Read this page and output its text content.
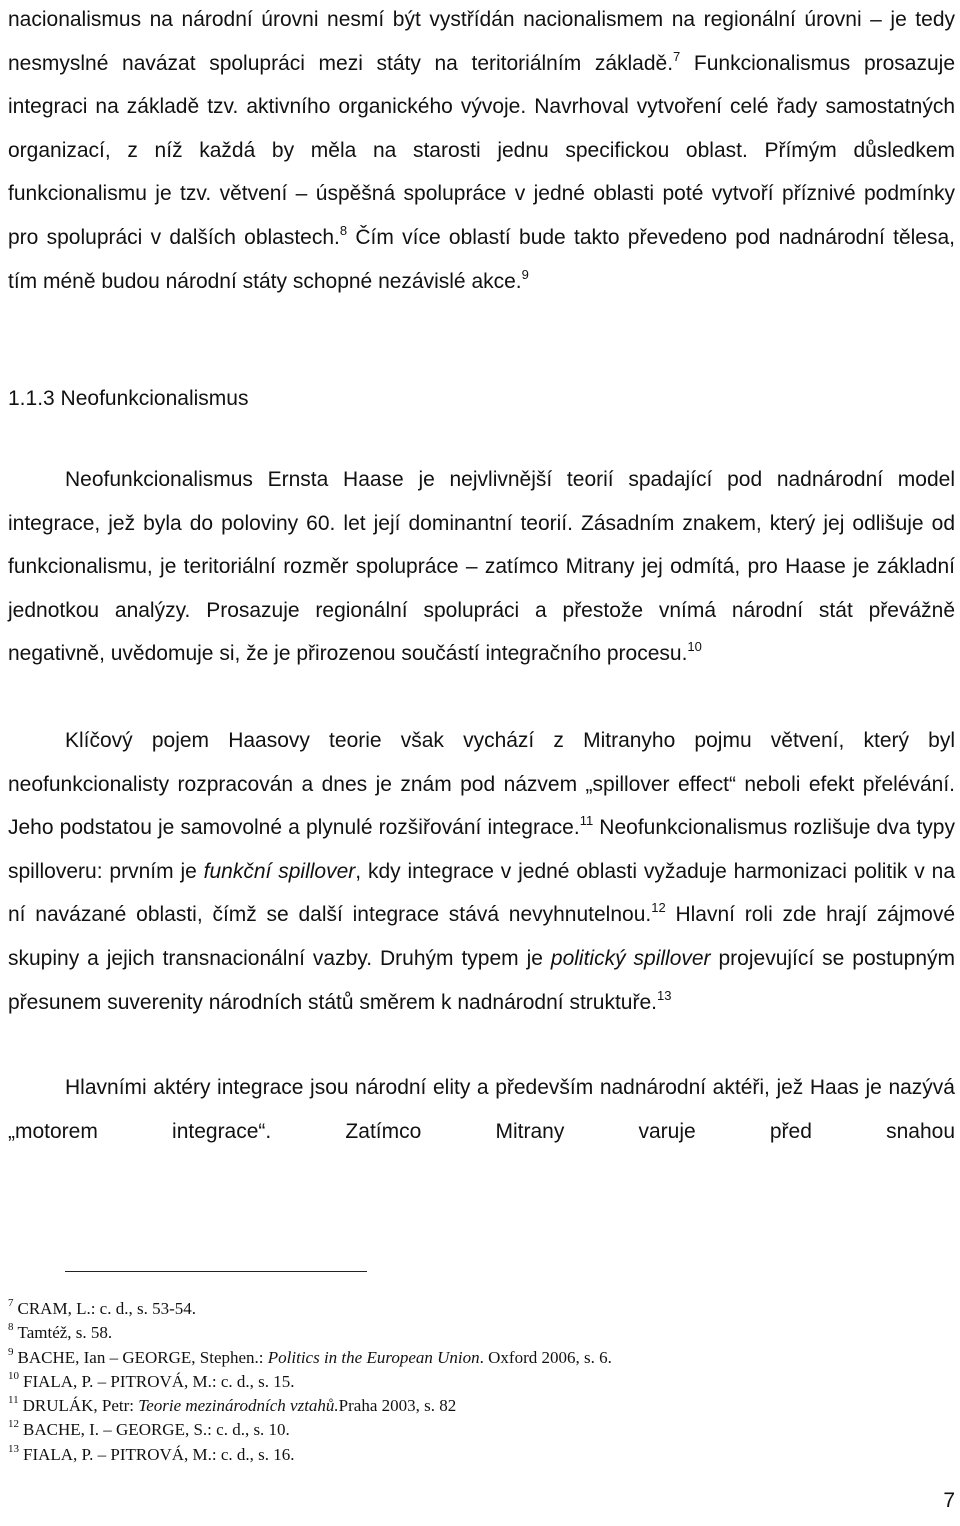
nacionalismus na národní úrovni nesmí být vystřídán nacionalismem na regionální úrovni – je tedy nesmyslné navázat spolupráci mezi státy na teritoriálním základě.$^7$ Funkcionalismus prosazuje integraci na základě tzv. aktivního organického vývoje. Navrhoval vytvoření celé řady samostatných organizací, z níž každá by měla na starosti jednu specifickou oblast. Přímým důsledkem funkcionalismu je tzv. větvení – úspěšná spolupráce v jedné oblasti poté vytvoří příznivé podmínky pro spolupráci v dalších oblastech.$^8$ Čím více oblastí bude takto převedeno pod nadnárodní tělesa, tím méně budou národní státy schopné nezávislé akce.$^9$

1.1.3 Neofunkcionalismus

Neofunkcionalismus Ernsta Haase je nejvlivnější teorií spadající pod nadnárodní model integrace, jež byla do poloviny 60. let její dominantní teorií. Zásadním znakem, který jej odlišuje od funkcionalismu, je teritoriální rozměr spolupráce – zatímco Mitrany jej odmítá, pro Haase je základní jednotkou analýzy. Prosazuje regionální spolupráci a přestože vnímá národní stát převážně negativně, uvědomuje si, že je přirozenou součástí integračního procesu.$^{10}$

Klíčový pojem Haasovy teorie však vychází z Mitranyho pojmu větvení, který byl neofunkcionalisty rozpracován a dnes je znám pod názvem „spillover effect“ neboli efekt přelévání. Jeho podstatou je samovolné a plynulé rozšiřování integrace.$^{11}$ Neofunkcionalismus rozlišuje dva typy spilloveru: prvním je funkční spillover, kdy integrace v jedné oblasti vyžaduje harmonizaci politik v na ní navázané oblasti, čímž se další integrace stává nevyhnutelnou.$^{12}$ Hlavní roli zde hrají zájmové skupiny a jejich transnacionální vazby. Druhým typem je politický spillover projevující se postupným přesunem suverenity národních států směrem k nadnárodní struktuře.$^{13}$

Hlavními aktéry integrace jsou národní elity a především nadnárodní aktéři, jež Haas je nazývá „motorem integrace“. Zatímco Mitrany varuje před snahou

$^7$ CRAM, L.: c. d., s. 53-54.
$^8$ Tamtéž, s. 58.
$^9$ BACHE, Ian – GEORGE, Stephen.: Politics in the European Union. Oxford 2006, s. 6.
$^{10}$ FIALA, P. – PITROVÁ, M.: c. d., s. 15.
$^{11}$ DRULÁK, Petr: Teorie mezinárodních vztahů.Praha 2003, s. 82
$^{12}$ BACHE, I. – GEORGE, S.: c. d., s. 10.
$^{13}$ FIALA, P. – PITROVÁ, M.: c. d., s. 16.
7
